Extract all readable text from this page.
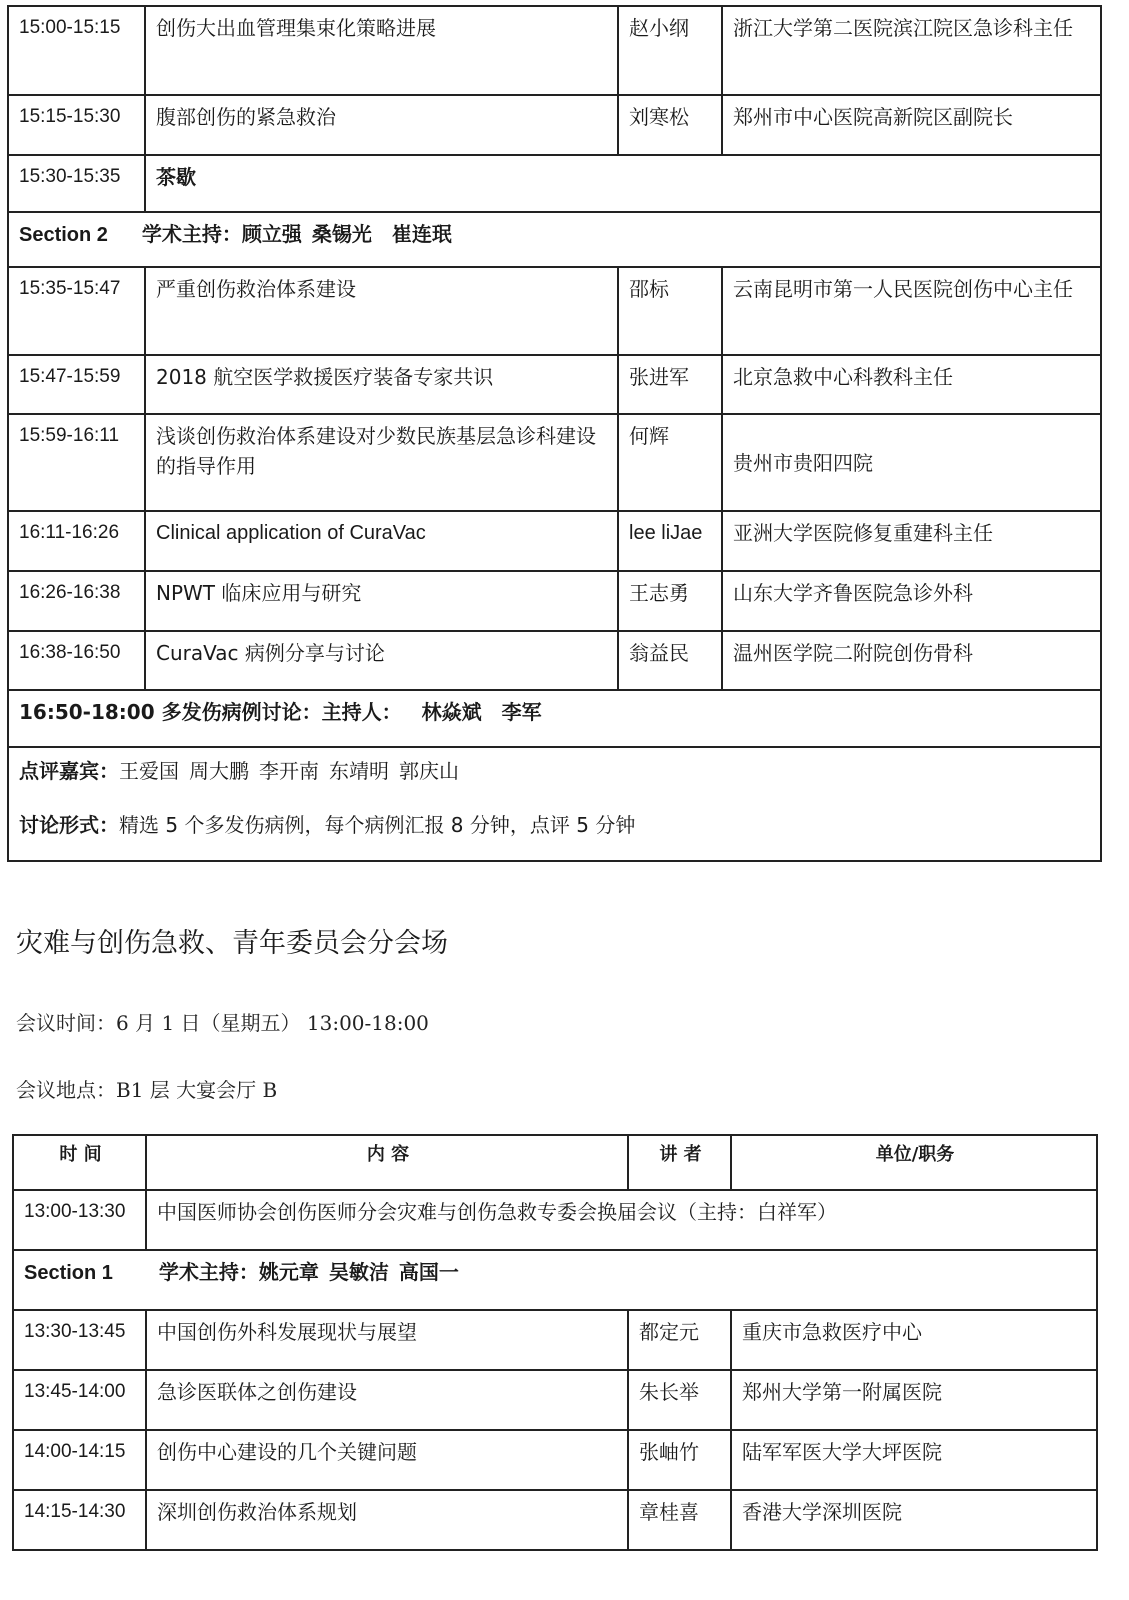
15:00-15:15	创伤大出血管理集束化策略进展	赵小纲	浙江大学第二医院滨江院区急诊科主任
15:15-15:30	腹部创伤的紧急救治	刘寒松	郑州市中心医院高新院区副院长
15:30-15:35	茶歇		
Section 2 学术主持：顾立强 桑锡光 崔连珉			
15:35-15:47	严重创伤救治体系建设	邵标	云南昆明市第一人民医院创伤中心主任
15:47-15:59	2018 航空医学救援医疗装备专家共识	张进军	北京急救中心科教科主任
15:59-16:11	浅谈创伤救治体系建设对少数民族基层急诊科建设的指导作用	何辉	贵州市贵阳四院
16:11-16:26	Clinical application of CuraVac	lee liJae	亚洲大学医院修复重建科主任
16:26-16:38	NPWT 临床应用与研究	王志勇	山东大学齐鲁医院急诊外科
16:38-16:50	CuraVac 病例分享与讨论	翁益民	温州医学院二附院创伤骨科
16:50-18:00 多发伤病例讨论：主持人： 林焱斌 李军			

点评嘉宾：王爱国 周大鹏 李开南 东靖明 郭庆山
讨论形式：精选 5 个多发伤病例，每个病例汇报 8 分钟，点评 5 分钟			
灾难与创伤急救、青年委员会分会场
会议时间：6 月 1 日（星期五） 13:00-18:00
会议地点：B1 层 大宴会厅 B
时 间	内 容	讲 者	单位/职务
13:00-13:30	中国医师协会创伤医师分会灾难与创伤急救专委会换届会议（主持：白祥军）		
Section 1 学术主持：姚元章 吴敏洁 高国一			
13:30-13:45	中国创伤外科发展现状与展望	都定元	重庆市急救医疗中心
13:45-14:00	急诊医联体之创伤建设	朱长举	郑州大学第一附属医院
14:00-14:15	创伤中心建设的几个关键问题	张岫竹	陆军军医大学大坪医院
14:15-14:30	深圳创伤救治体系规划	章桂喜	香港大学深圳医院
